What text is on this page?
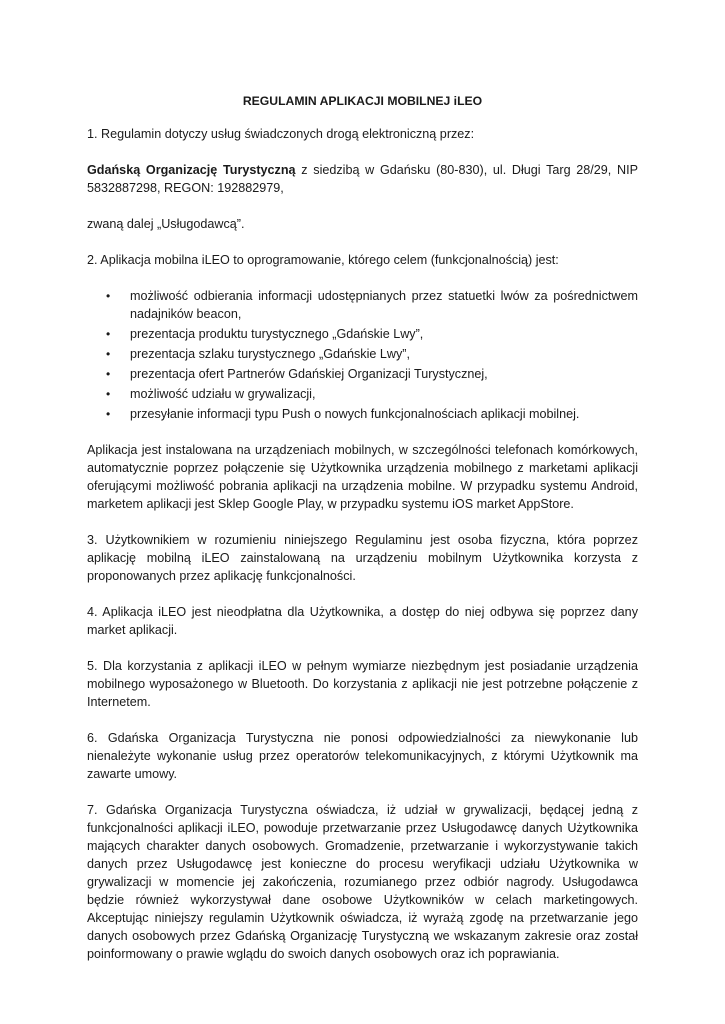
REGULAMIN APLIKACJI MOBILNEJ iLEO

1. Regulamin dotyczy usług świadczonych drogą elektroniczną przez:

Gdańską Organizację Turystyczną z siedzibą w Gdańsku (80-830), ul. Długi Targ 28/29, NIP 5832887298, REGON: 192882979,

zwaną dalej „Usługodawcą”.

2. Aplikacja mobilna iLEO to oprogramowanie, którego celem (funkcjonalnością) jest:

• możliwość odbierania informacji udostępnianych przez statuetki lwów za pośrednictwem nadajników beacon,
• prezentacja produktu turystycznego „Gdańskie Lwy”,
• prezentacja szlaku turystycznego „Gdańskie Lwy”,
• prezentacja ofert Partnerów Gdańskiej Organizacji Turystycznej,
• możliwość udziału w grywalizacji,
• przesyłanie informacji typu Push o nowych funkcjonalnościach aplikacji mobilnej.

Aplikacja jest instalowana na urządzeniach mobilnych, w szczególności telefonach komórkowych, automatycznie poprzez połączenie się Użytkownika urządzenia mobilnego z marketami aplikacji oferującymi możliwość pobrania aplikacji na urządzenia mobilne. W przypadku systemu Android, marketem aplikacji jest Sklep Google Play, w przypadku systemu iOS market AppStore.

3. Użytkownikiem w rozumieniu niniejszego Regulaminu jest osoba fizyczna, która poprzez aplikację mobilną iLEO zainstalowaną na urządzeniu mobilnym Użytkownika korzysta z proponowanych przez aplikację funkcjonalności.

4. Aplikacja iLEO jest nieodpłatna dla Użytkownika, a dostęp do niej odbywa się poprzez dany market aplikacji.

5. Dla korzystania z aplikacji iLEO w pełnym wymiarze niezbędnym jest posiadanie urządzenia mobilnego wyposażonego w Bluetooth. Do korzystania z aplikacji nie jest potrzebne połączenie z Internetem.

6. Gdańska Organizacja Turystyczna nie ponosi odpowiedzialności za niewykonanie lub nienależyte wykonanie usług przez operatorów telekomunikacyjnych, z którymi Użytkownik ma zawarte umowy.

7. Gdańska Organizacja Turystyczna oświadcza, iż udział w grywalizacji, będącej jedną z funkcjonalności aplikacji iLEO, powoduje przetwarzanie przez Usługodawcę danych Użytkownika mających charakter danych osobowych. Gromadzenie, przetwarzanie i wykorzystywanie takich danych przez Usługodawcę jest konieczne do procesu weryfikacji udziału Użytkownika w grywalizacji w momencie jej zakończenia, rozumianego przez odbiór nagrody. Usługodawca będzie również wykorzystywał dane osobowe Użytkowników w celach marketingowych. Akceptując niniejszy regulamin Użytkownik oświadcza, iż wyrażą zgodę na przetwarzanie jego danych osobowych przez Gdańską Organizację Turystyczną we wskazanym zakresie oraz został poinformowany o prawie wglądu do swoich danych osobowych oraz ich poprawiania.
